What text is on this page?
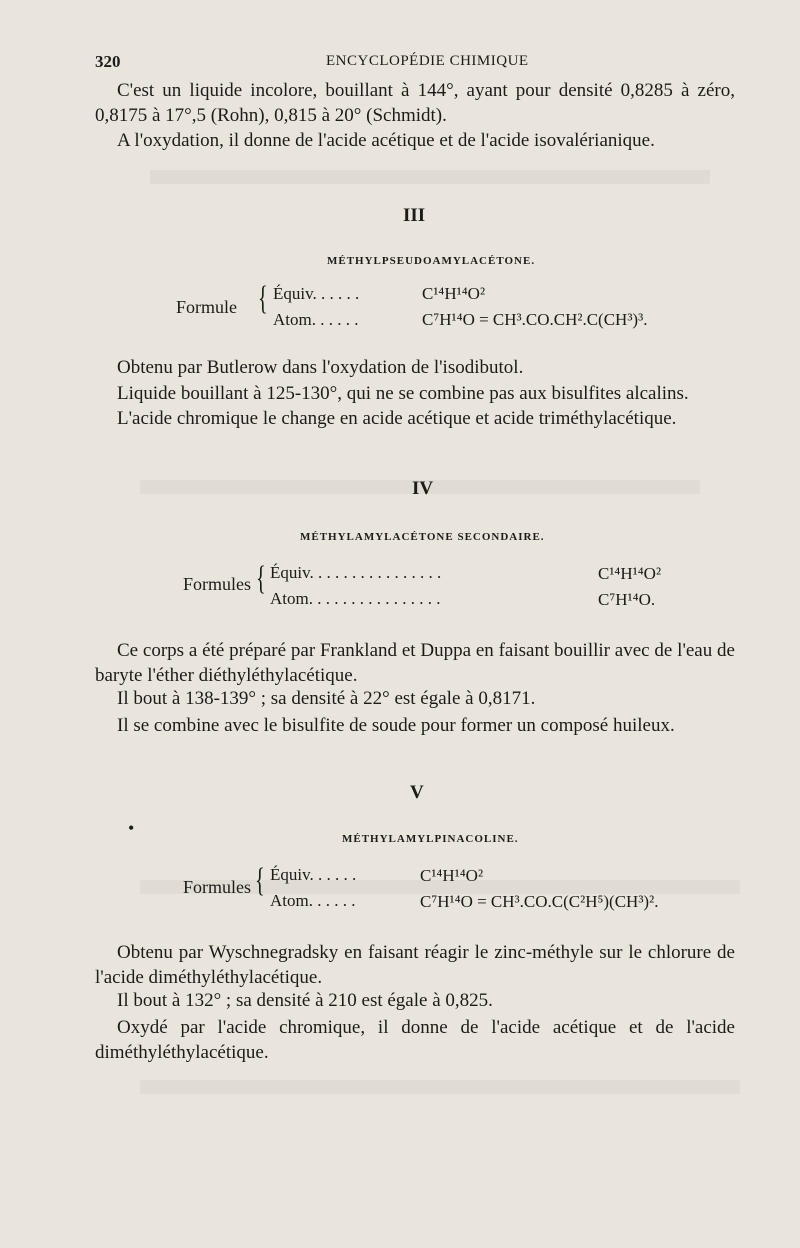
320	ENCYCLOPÉDIE CHIMIQUE
C'est un liquide incolore, bouillant à 144°, ayant pour densité 0,8285 à zéro, 0,8175 à 17°,5 (Rohn), 0,815 à 20° (Schmidt).
A l'oxydation, il donne de l'acide acétique et de l'acide isovalérianique.
III
MÉTHYLPSEUDOAMYLACÉTONE.
Formule { Équiv. . . . . .	C¹⁴H¹⁴O²
Atom. . . . . .	C⁷H¹⁴O = CH³.CO.CH².C(CH³)³.
Obtenu par Butlerow dans l'oxydation de l'isodibutol.
Liquide bouillant à 125-130°, qui ne se combine pas aux bisulfites alcalins.
L'acide chromique le change en acide acétique et acide triméthylacétique.
IV
MÉTHYLAMYLACÉTONE SECONDAIRE.
Formules { Équiv. . . . . . . . . . . . . . . .	C¹⁴H¹⁴O²
Atom. . . . . . . . . . . . . . . .	C⁷H¹⁴O.
Ce corps a été préparé par Frankland et Duppa en faisant bouillir avec de l'eau de baryte l'éther diéthyléthylacétique.
Il bout à 138-139° ; sa densité à 22° est égale à 0,8171.
Il se combine avec le bisulfite de soude pour former un composé huileux.
V
•
MÉTHYLAMYLPINACOLINE.
Formules { Équiv. . . . . .	C¹⁴H¹⁴O²
Atom. . . . . .	C⁷H¹⁴O = CH³.CO.C(C²H⁵)(CH³)².
Obtenu par Wyschnegradsky en faisant réagir le zinc-méthyle sur le chlorure de l'acide diméthyléthylacétique.
Il bout à 132° ; sa densité à 210 est égale à 0,825.
Oxydé par l'acide chromique, il donne de l'acide acétique et de l'acide diméthyléthylacétique.
